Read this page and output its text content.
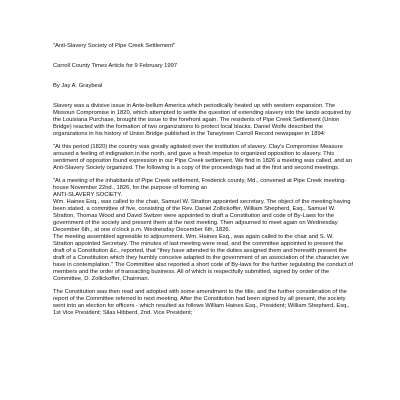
"Anti-Slavery Society of Pipe Creek Settlement"

Carroll County Times Article for 9 February 1997

By Jay A. Graybeal

Slavery was a divisive issue in Ante-bellum America which periodically heated up with western expansion. The Missouri Compromise in 1820, which attempted to settle the question of extending slavery into the lands acquired by the Louisiana Purchase, brought the issue to the forefront again. The residents of Pipe Creek Settlement (Union Bridge) reacted with the formation of two organizations to protect local blacks. Daniel Wolfe described the organizations in his history of Union Bridge published in the Taneytown Carroll Record newspaper in 1894:

"At this period (1820) the country was greatly agitated over the institution of slavery. Clay's Compromise Measure aroused a feeling of indignation in the north, and gave a fresh impetus to organized opposition to slavery. This sentiment of oppositon found expression in our Pipe Creek settlement. We find in 1826 a meeting was called, and an Anti-Slavery Society organized. The following is a copy of the proceedings had at the first and second meetings.

"At a meeting of the inhabitants of Pipe Creek settlement, Frederick county, Md., convened at Pipe Creek meeting-house November 22nd., 1826, for the purpose of forming an

ANTI-SLAVERY SOCIETY.

Wm. Haines Esq., was called to the chair, Samuel W. Stratton appointed secretary. The object of the meeting having been stated, a committee of five, consisting of the Rev. Daniel Zollickoffer, William Shepherd, Esq., Samuel W. Stratton, Thomas Wood and David Switzer were appointed to draft a Constitution and code of By-Laws for the government of the society and present them at the next meeting. Then adjourned to meet again on Wednesday December 6th., at one o'clock p.m. Wednesday December 6th, 1826.

The meeting assembled agreeable to adjournment. Wm. Haines Esq., was again called to the chair and S. W. Stratton appointed Secretary. The minutes of last meeting were read, and the committee appointed to present the draft of a Constitution &c., reported, that "they have attended to the duties assigned them and herewith present the draft of a Constitution which they humbly conceive adapted to the government of an association of the character we have in contemplation." The Committee also reported a short code of By-laws for the further regulating the conduct of members and the order of transacting business. All of which is respectfully submitted, signed by order of the Committee, D. Zollickoffer, Chairman.

The Constitution was then read and adopted with some amendment to the title, and the further consideration of the report of the Committee referred to next meeting. After the Constitution had been signed by all present, the society went into an election for officers - which resulted as follows William Haines Esq., President; William Shepherd, Esq., 1st Vice President; Silas Hibberd, 2nd. Vice President;
